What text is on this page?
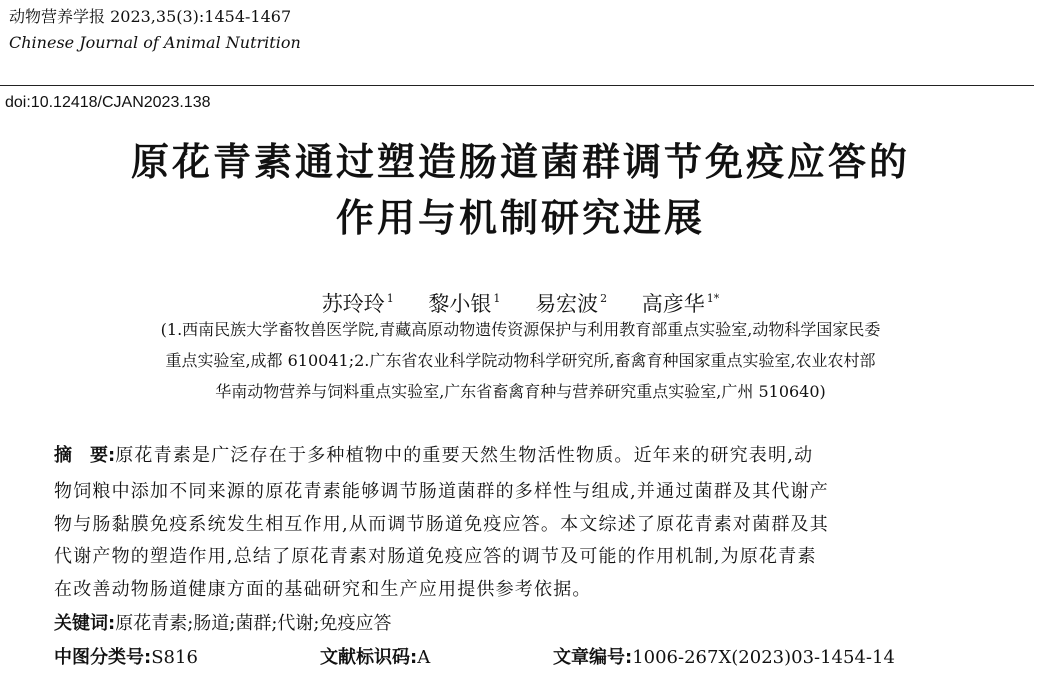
动物营养学报 2023,35(3):1454-1467
Chinese Journal of Animal Nutrition
doi:10.12418/CJAN2023.138
原花青素通过塑造肠道菌群调节免疫应答的
作用与机制研究进展
苏玲玲 $^1$ 黎小银 $^1$ 易宏波 $^2$ 高彦华 $^{1*}$
(1.西南民族大学畜牧兽医学院,青藏高原动物遗传资源保护与利用教育部重点实验室,动物科学国家民委
重点实验室,成都 610041;2.广东省农业科学院动物科学研究所,畜禽育种国家重点实验室,农业农村部
华南动物营养与饲料重点实验室,广东省畜禽育种与营养研究重点实验室,广州 510640)
摘　要:原花青素是广泛存在于多种植物中的重要天然生物活性物质。近年来的研究表明,动
物饲粮中添加不同来源的原花青素能够调节肠道菌群的多样性与组成,并通过菌群及其代谢产
物与肠黏膜免疫系统发生相互作用,从而调节肠道免疫应答。本文综述了原花青素对菌群及其
代谢产物的塑造作用,总结了原花青素对肠道免疫应答的调节及可能的作用机制,为原花青素
在改善动物肠道健康方面的基础研究和生产应用提供参考依据。
关键词:原花青素;肠道;菌群;代谢;免疫应答
中图分类号:S816	文献标识码:A	文章编号:1006-267X(2023)03-1454-14
